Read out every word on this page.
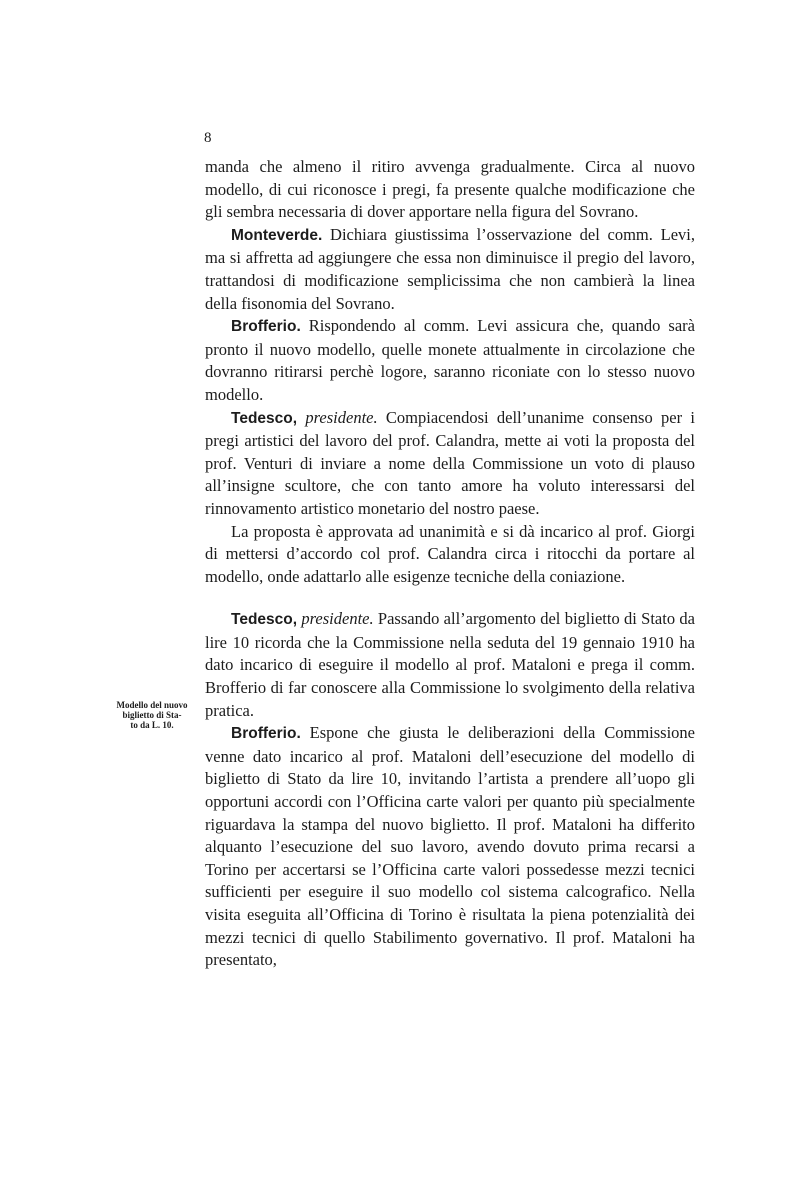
8

manda che almeno il ritiro avvenga gradualmente. Circa al nuovo modello, di cui riconosce i pregi, fa presente qualche modificazione che gli sembra necessaria di dover apportare nella figura del Sovrano.

Monteverde. Dichiara giustissima l’osservazione del comm. Levi, ma si affretta ad aggiungere che essa non diminuisce il pregio del lavoro, trattandosi di modificazione semplicissima che non cambierà la linea della fisonomia del Sovrano.

Brofferio. Rispondendo al comm. Levi assicura che, quando sarà pronto il nuovo modello, quelle monete attualmente in circolazione che dovranno ritirarsi perchè logore, saranno riconiate con lo stesso nuovo modello.

Tedesco, presidente. Compiacendosi dell’unanime consenso per i pregi artistici del lavoro del prof. Calandra, mette ai voti la proposta del prof. Venturi di inviare a nome della Commissione un voto di plauso all’insigne scultore, che con tanto amore ha voluto interessarsi del rinnovamento artistico monetario del nostro paese.

La proposta è approvata ad unanimità e si dà incarico al prof. Giorgi di mettersi d’accordo col prof. Calandra circa i ritocchi da portare al modello, onde adattarlo alle esigenze tecniche della coniazione.

Tedesco, presidente. Passando all’argomento del biglietto di Stato da lire 10 ricorda che la Commissione nella seduta del 19 gennaio 1910 ha dato incarico di eseguire il modello al prof. Mataloni e prega il comm. Brofferio di far conoscere alla Commissione lo svolgimento della relativa pratica.

Brofferio. Espone che giusta le deliberazioni della Commissione venne dato incarico al prof. Mataloni dell’esecuzione del modello di biglietto di Stato da lire 10, invitando l’artista a prendere all’uopo gli opportuni accordi con l’Officina carte valori per quanto più specialmente riguardava la stampa del nuovo biglietto. Il prof. Mataloni ha differito alquanto l’esecuzione del suo lavoro, avendo dovuto prima recarsi a Torino per accertarsi se l’Officina carte valori possedesse mezzi tecnici sufficienti per eseguire il suo modello col sistema calcografico. Nella visita eseguita all’Officina di Torino è risultata la piena potenzialità dei mezzi tecnici di quello Stabilimento governativo. Il prof. Mataloni ha presentato,

Modello del nuovo
biglietto di Sta-
to da L. 10.
